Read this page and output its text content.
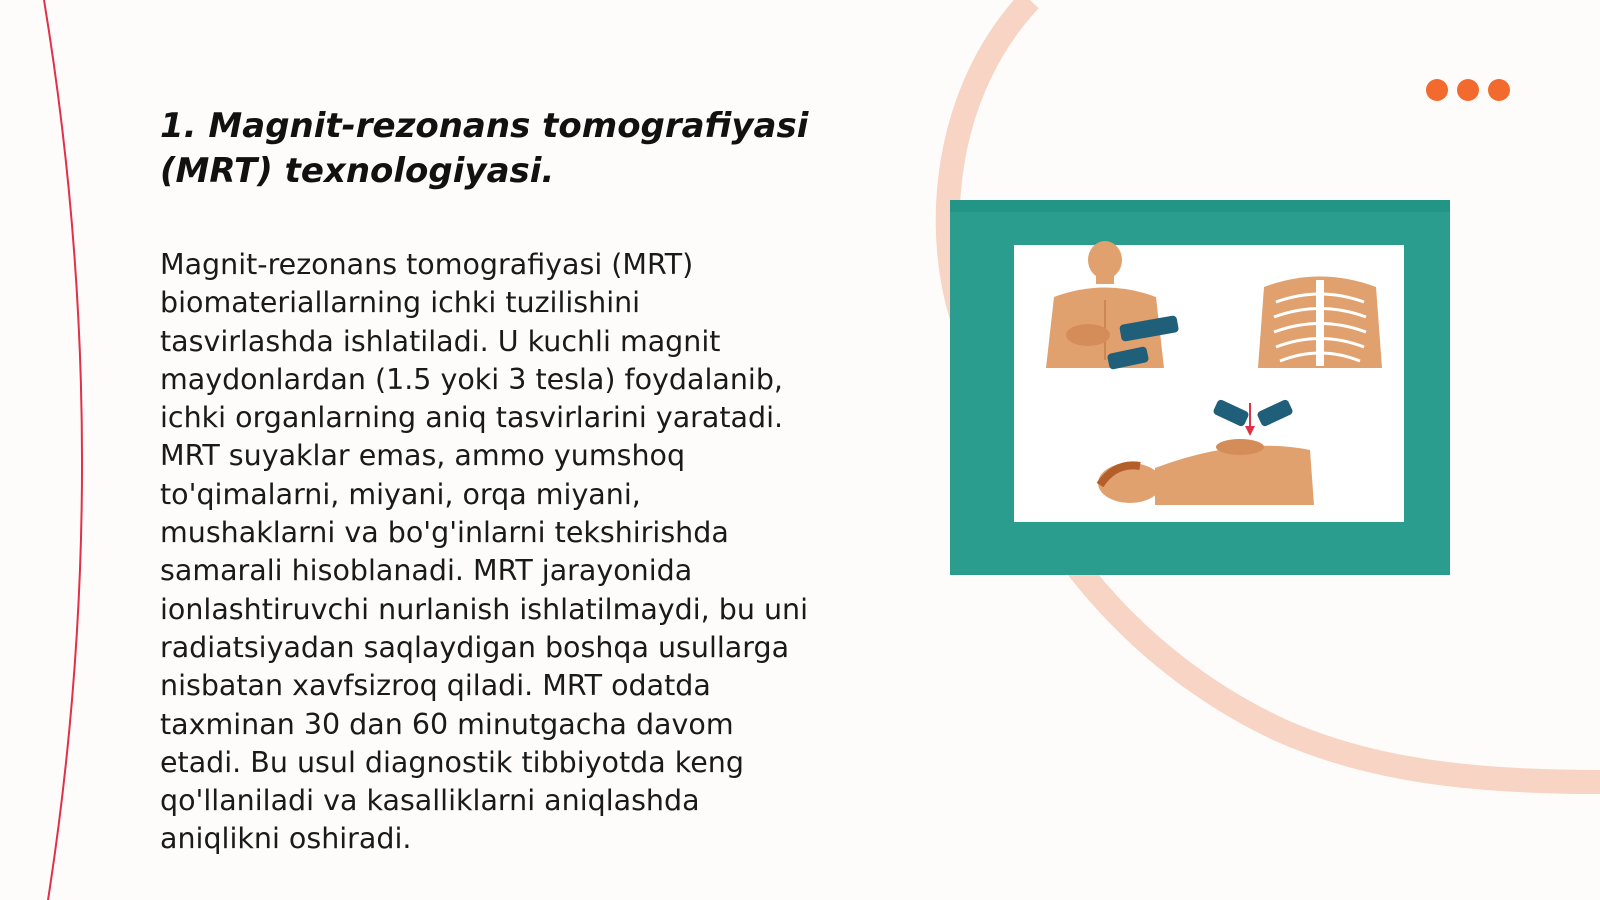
1. Magnit-rezonans tomografiyasi (MRT) texnologiyasi.

Magnit-rezonans tomografiyasi (MRT) biomateriallarning ichki tuzilishini tasvirlashda ishlatiladi. U kuchli magnit maydonlardan (1.5 yoki 3 tesla) foydalanib, ichki organlarning aniq tasvirlarini yaratadi. MRT suyaklar emas, ammo yumshoq to'qimalarni, miyani, orqa miyani, mushaklarni va bo'g'inlarni tekshirishda samarali hisoblanadi. MRT jarayonida ionlashtiruvchi nurlanish ishlatilmaydi, bu uni radiatsiyadan saqlaydigan boshqa usullarga nisbatan xavfsizroq qiladi. MRT odatda taxminan 30 dan 60 minutgacha davom etadi. Bu usul diagnostik tibbiyotda keng qo'llaniladi va kasalliklarni aniqlashda aniqlikni oshiradi.
